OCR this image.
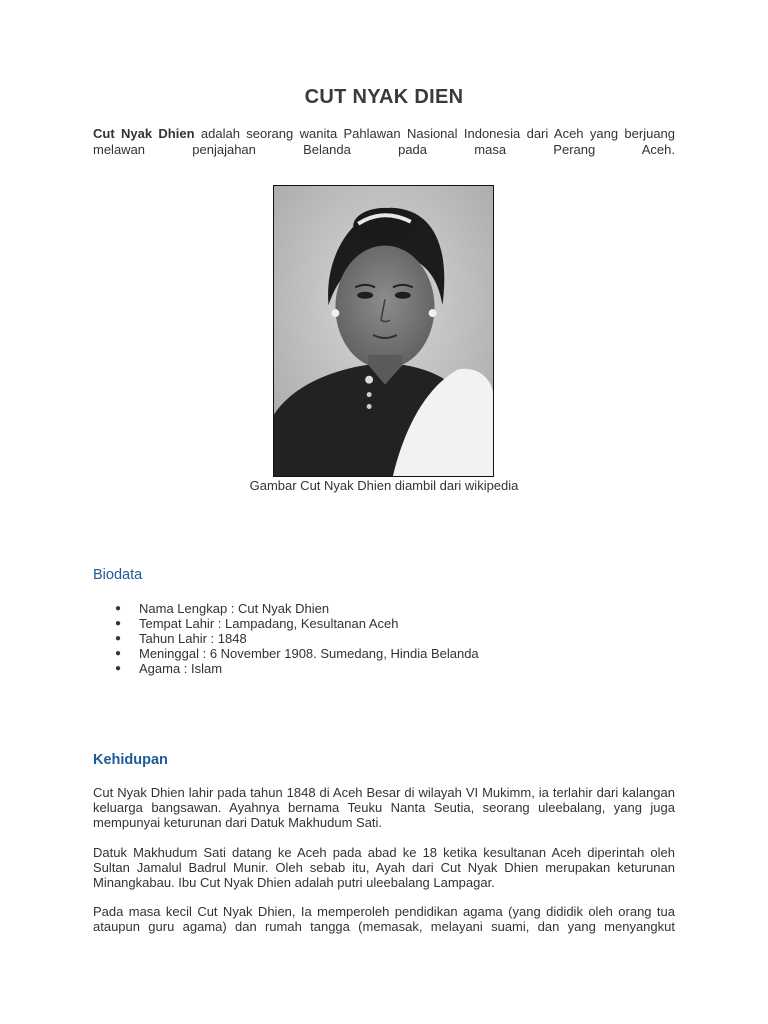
CUT NYAK DIEN
Cut Nyak Dhien adalah seorang wanita Pahlawan Nasional Indonesia dari Aceh yang berjuang melawan penjajahan Belanda pada masa Perang Aceh.
Gambar Cut Nyak Dhien diambil dari wikipedia
Biodata
● Nama Lengkap : Cut Nyak Dhien
● Tempat Lahir : Lampadang, Kesultanan Aceh
● Tahun Lahir : 1848
● Meninggal : 6 November 1908. Sumedang, Hindia Belanda
● Agama : Islam
Kehidupan
Cut Nyak Dhien lahir pada tahun 1848 di Aceh Besar di wilayah VI Mukimm, ia terlahir dari kalangan keluarga bangsawan. Ayahnya bernama Teuku Nanta Seutia, seorang uleebalang, yang juga mempunyai keturunan dari Datuk Makhudum Sati.
Datuk Makhudum Sati datang ke Aceh pada abad ke 18 ketika kesultanan Aceh diperintah oleh Sultan Jamalul Badrul Munir. Oleh sebab itu, Ayah dari Cut Nyak Dhien merupakan keturunan Minangkabau. Ibu Cut Nyak Dhien adalah putri uleebalang Lampagar.
Pada masa kecil Cut Nyak Dhien, Ia memperoleh pendidikan agama (yang dididik oleh orang tua ataupun guru agama) dan rumah tangga (memasak, melayani suami, dan yang menyangkut
